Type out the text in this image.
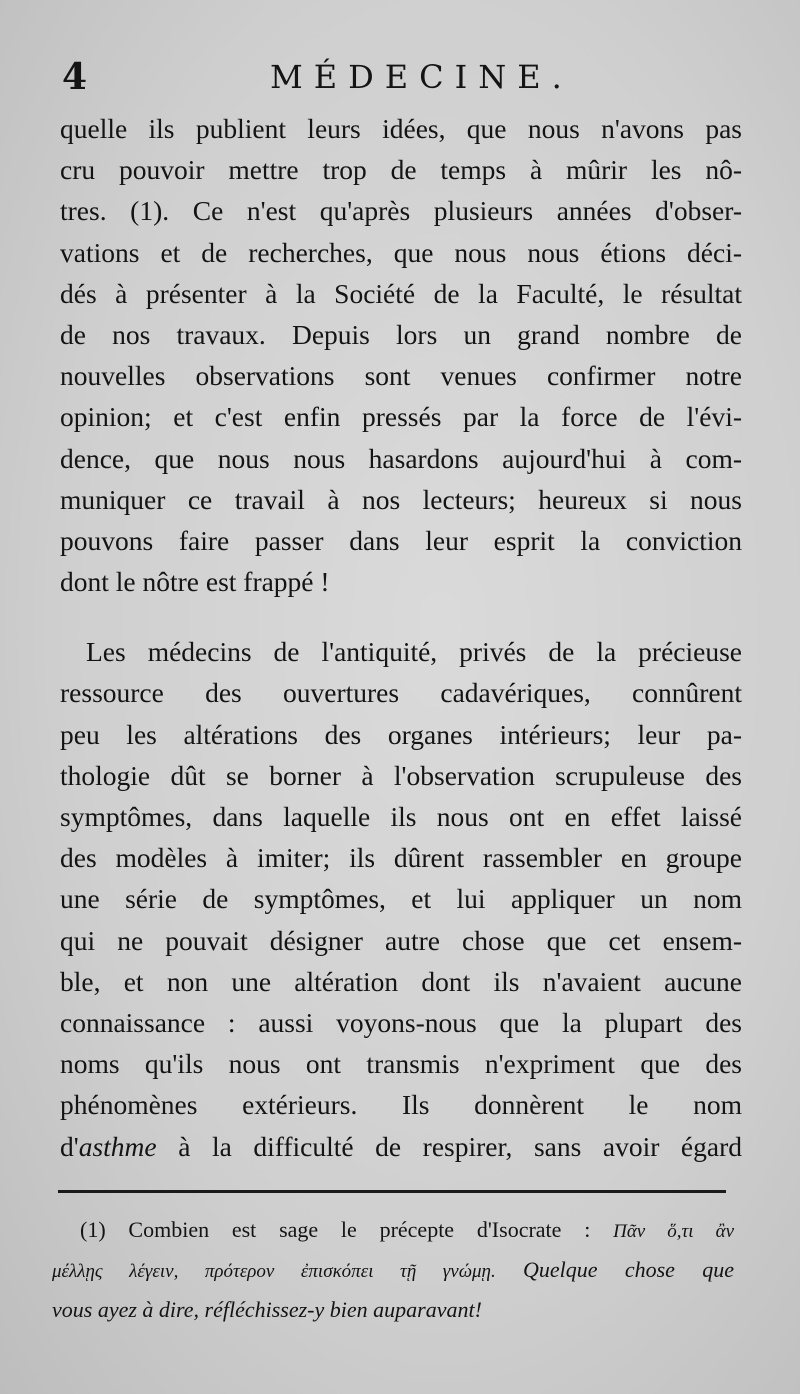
4	MÉDECINE.
quelle ils publient leurs idées, que nous n'avons pas
cru pouvoir mettre trop de temps à mûrir les nô-
tres. (1). Ce n'est qu'après plusieurs années d'obser-
vations et de recherches, que nous nous étions déci-
dés à présenter à la Société de la Faculté, le résultat
de nos travaux. Depuis lors un grand nombre de
nouvelles observations sont venues confirmer notre
opinion; et c'est enfin pressés par la force de l'évi-
dence, que nous nous hasardons aujourd'hui à com-
muniquer ce travail à nos lecteurs; heureux si nous
pouvons faire passer dans leur esprit la conviction
dont le nôtre est frappé !
Les médecins de l'antiquité, privés de la précieuse
ressource des ouvertures cadavériques, connûrent
peu les altérations des organes intérieurs; leur pa-
thologie dût se borner à l'observation scrupuleuse des
symptômes, dans laquelle ils nous ont en effet laissé
des modèles à imiter; ils dûrent rassembler en groupe
une série de symptômes, et lui appliquer un nom
qui ne pouvait désigner autre chose que cet ensem-
ble, et non une altération dont ils n'avaient aucune
connaissance : aussi voyons-nous que la plupart des
noms qu'ils nous ont transmis n'expriment que des
phénomènes extérieurs. Ils donnèrent le nom
d'asthme à la difficulté de respirer, sans avoir égard
(1) Combien est sage le précepte d'Isocrate : Πᾶν ὅ,τι ἂν
μέλλῃς λέγειν, πρότερον ἐπισκόπει τῇ γνώμῃ. Quelque chose que
vous ayez à dire, réfléchissez-y bien auparavant!
